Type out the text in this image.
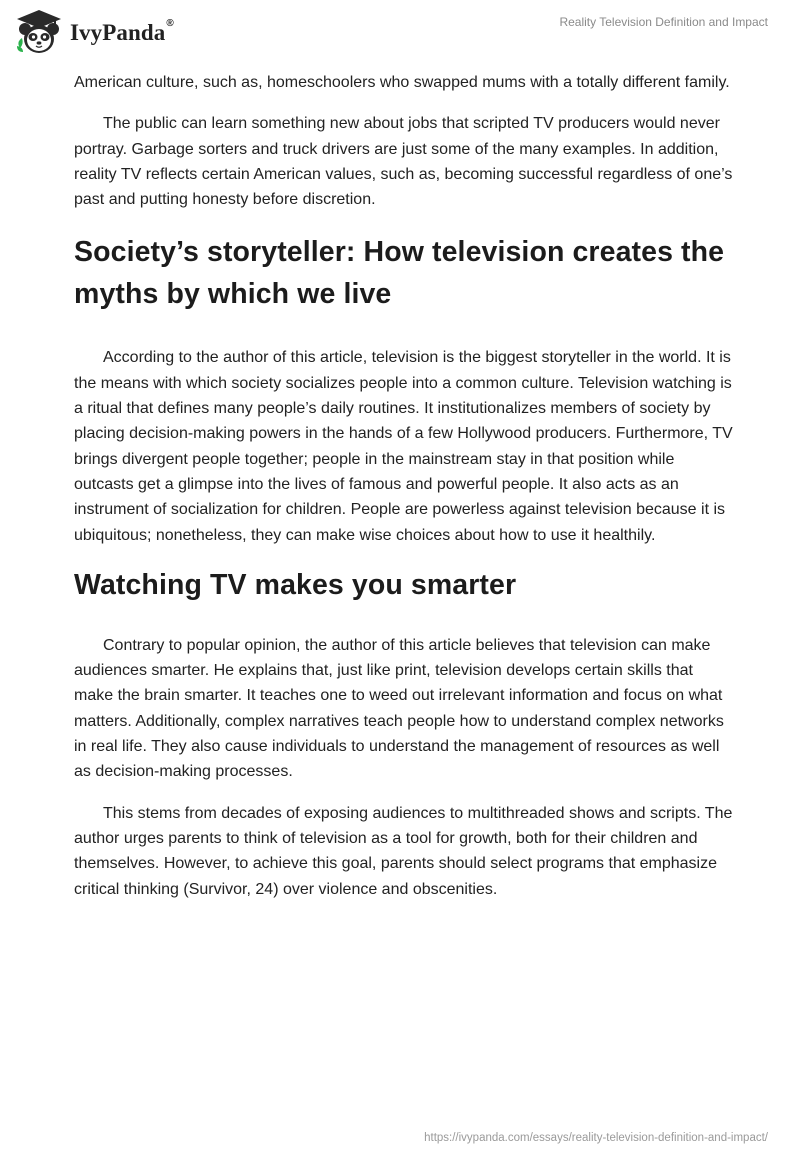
IvyPanda®	Reality Television Definition and Impact

American culture, such as, homeschoolers who swapped mums with a totally different family.

The public can learn something new about jobs that scripted TV producers would never portray. Garbage sorters and truck drivers are just some of the many examples. In addition, reality TV reflects certain American values, such as, becoming successful regardless of one’s past and putting honesty before discretion.

Society’s storyteller: How television creates the myths by which we live

According to the author of this article, television is the biggest storyteller in the world. It is the means with which society socializes people into a common culture. Television watching is a ritual that defines many people’s daily routines. It institutionalizes members of society by placing decision-making powers in the hands of a few Hollywood producers. Furthermore, TV brings divergent people together; people in the mainstream stay in that position while outcasts get a glimpse into the lives of famous and powerful people. It also acts as an instrument of socialization for children. People are powerless against television because it is ubiquitous; nonetheless, they can make wise choices about how to use it healthily.

Watching TV makes you smarter

Contrary to popular opinion, the author of this article believes that television can make audiences smarter. He explains that, just like print, television develops certain skills that make the brain smarter. It teaches one to weed out irrelevant information and focus on what matters. Additionally, complex narratives teach people how to understand complex networks in real life. They also cause individuals to understand the management of resources as well as decision-making processes.

This stems from decades of exposing audiences to multithreaded shows and scripts. The author urges parents to think of television as a tool for growth, both for their children and themselves. However, to achieve this goal, parents should select programs that emphasize critical thinking (Survivor, 24) over violence and obscenities.

https://ivypanda.com/essays/reality-television-definition-and-impact/
